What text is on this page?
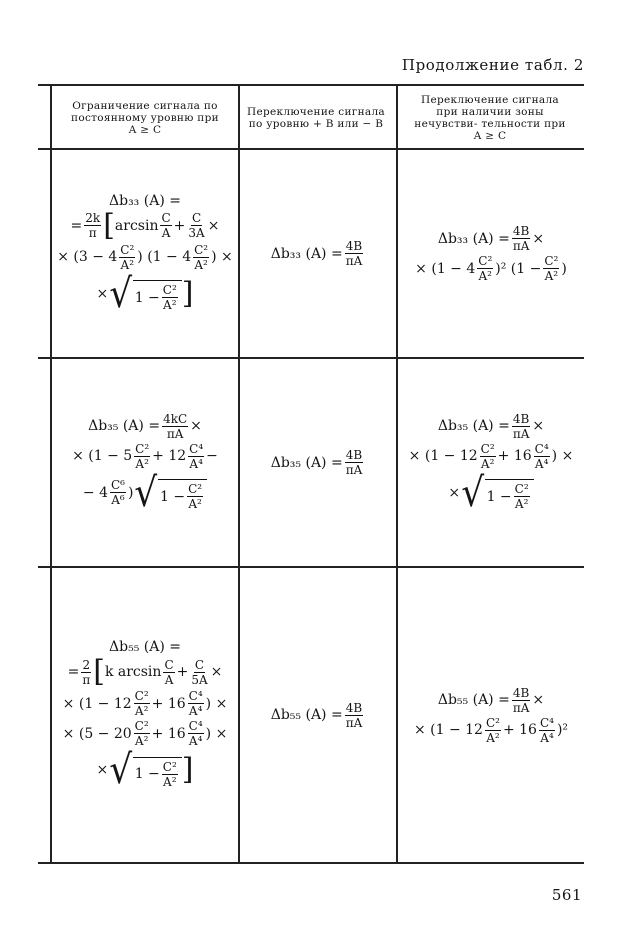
Продолжение табл. 2
Ограничение сигнала по постоянному уровню при A ≥ C
Переключение сигнала по уровню + B или − B
Переключение сигнала при наличии зоны нечувстви- тельности при A ≥ C
Δb₃₃ (A) =
= $\frac{2k}{\pi}$ [ arcsin C
$A + \frac{C}{3A}$ ×
× (3 − 4 C²
A² ) (1 − 4 C²
A² ) ×
× √ $1 - \frac{\text{C²}}{\text{A²}}$ ]
Δb₃₃ $(A) = \frac{4B}{\pi A}$
Δb₃₃ $(A) = \frac{4B}{\pi A}$ ×
× (1 − 4 C²
A² )² ($1 - \frac{\text{C²}}{\text{A²}}$ )
Δb₃₅ $(A) = \frac{4kC}{\pi A}$ ×
× (1 − 5 C²
A² + 12 C⁴
A⁴ −
− 4 C⁶
A⁶ ) √ $1 - \frac{\text{C²}}{\text{A²}}$
Δb₃₅ $(A) = \frac{4B}{\pi A}$
Δb₃₅ $(A) = \frac{4B}{\pi A}$ ×
× (1 − 12 C²
A² + 16 C⁴
A⁴ ) ×
× √ $1 - \frac{\text{C²}}{\text{A²}}$
Δb₅₅ (A) =
= $\frac{2}{\pi}$ [ k arcsin C
$A + \frac{C}{5A}$ ×
× (1 − 12 C²
A² + 16 C⁴
A⁴ ) ×
× (5 − 20 C²
A² + 16 C⁴
A⁴ ) ×
× √ $1 - \frac{\text{C²}}{\text{A²}}$ ]
Δb₅₅ $(A) = \frac{4B}{\pi A}$
Δb₅₅ $(A) = \frac{4B}{\pi A}$ ×
× (1 − 12 C²
A² + 16 C⁴
A⁴ )²
561
